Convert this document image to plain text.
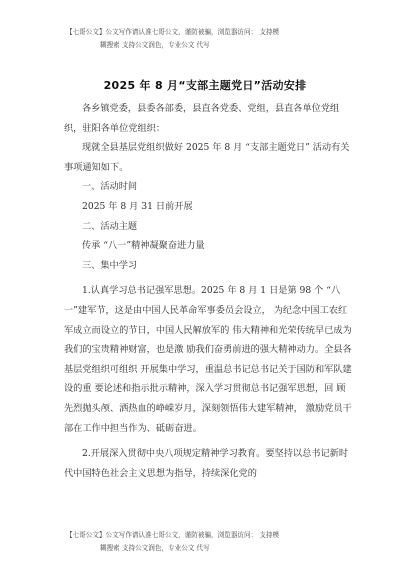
【七哥公文】公文写作请认准七哥公文，谨防被骗，浏览器访问： 支持模
糊搜索 支持公文润色，专业公文 代写
2025 年 8 月“支部主题党日”活动安排

各乡镇党委，县委各部委，县直各党委、党组，县直各单位党组织，驻阳各单位党组织：

现就全县基层党组织做好 2025 年 8 月 “支部主题党日” 活动有关事项通知如下。

一、活动时间

2025 年 8 月 31 日前开展

二、活动主题

传承 “八一”精神凝聚奋进力量

三、集中学习

1.认真学习总书记强军思想。2025 年 8 月 1 日是第 98 个 “八一”建军节，这是由中国人民革命军事委员会设立， 为纪念中国工农红军成立而设立的节日，中国人民解放军的 伟大精神和光荣传统早已成为我们的宝贵精神财富，也是激 励我们奋勇前进的强大精神动力。全县各基层党组织可组织 开展集中学习，重温总书记总书记关于国防和军队建设的重 要论述和指示批示精神，深入学习贯彻总书记强军思想，回 顾先烈抛头颅、洒热血的峥嵘岁月，深刻领悟伟大建军精神， 激励党员干部在工作中担当作为、砥砺奋进。

2.开展深入贯彻中央八项规定精神学习教育。要坚持以总书记新时代中国特色社会主义思想为指导，持续深化党的

【七哥公文】公文写作请认准七哥公文，谨防被骗，浏览器访问： 支持模
糊搜索 支持公文润色，专业公文 代写
